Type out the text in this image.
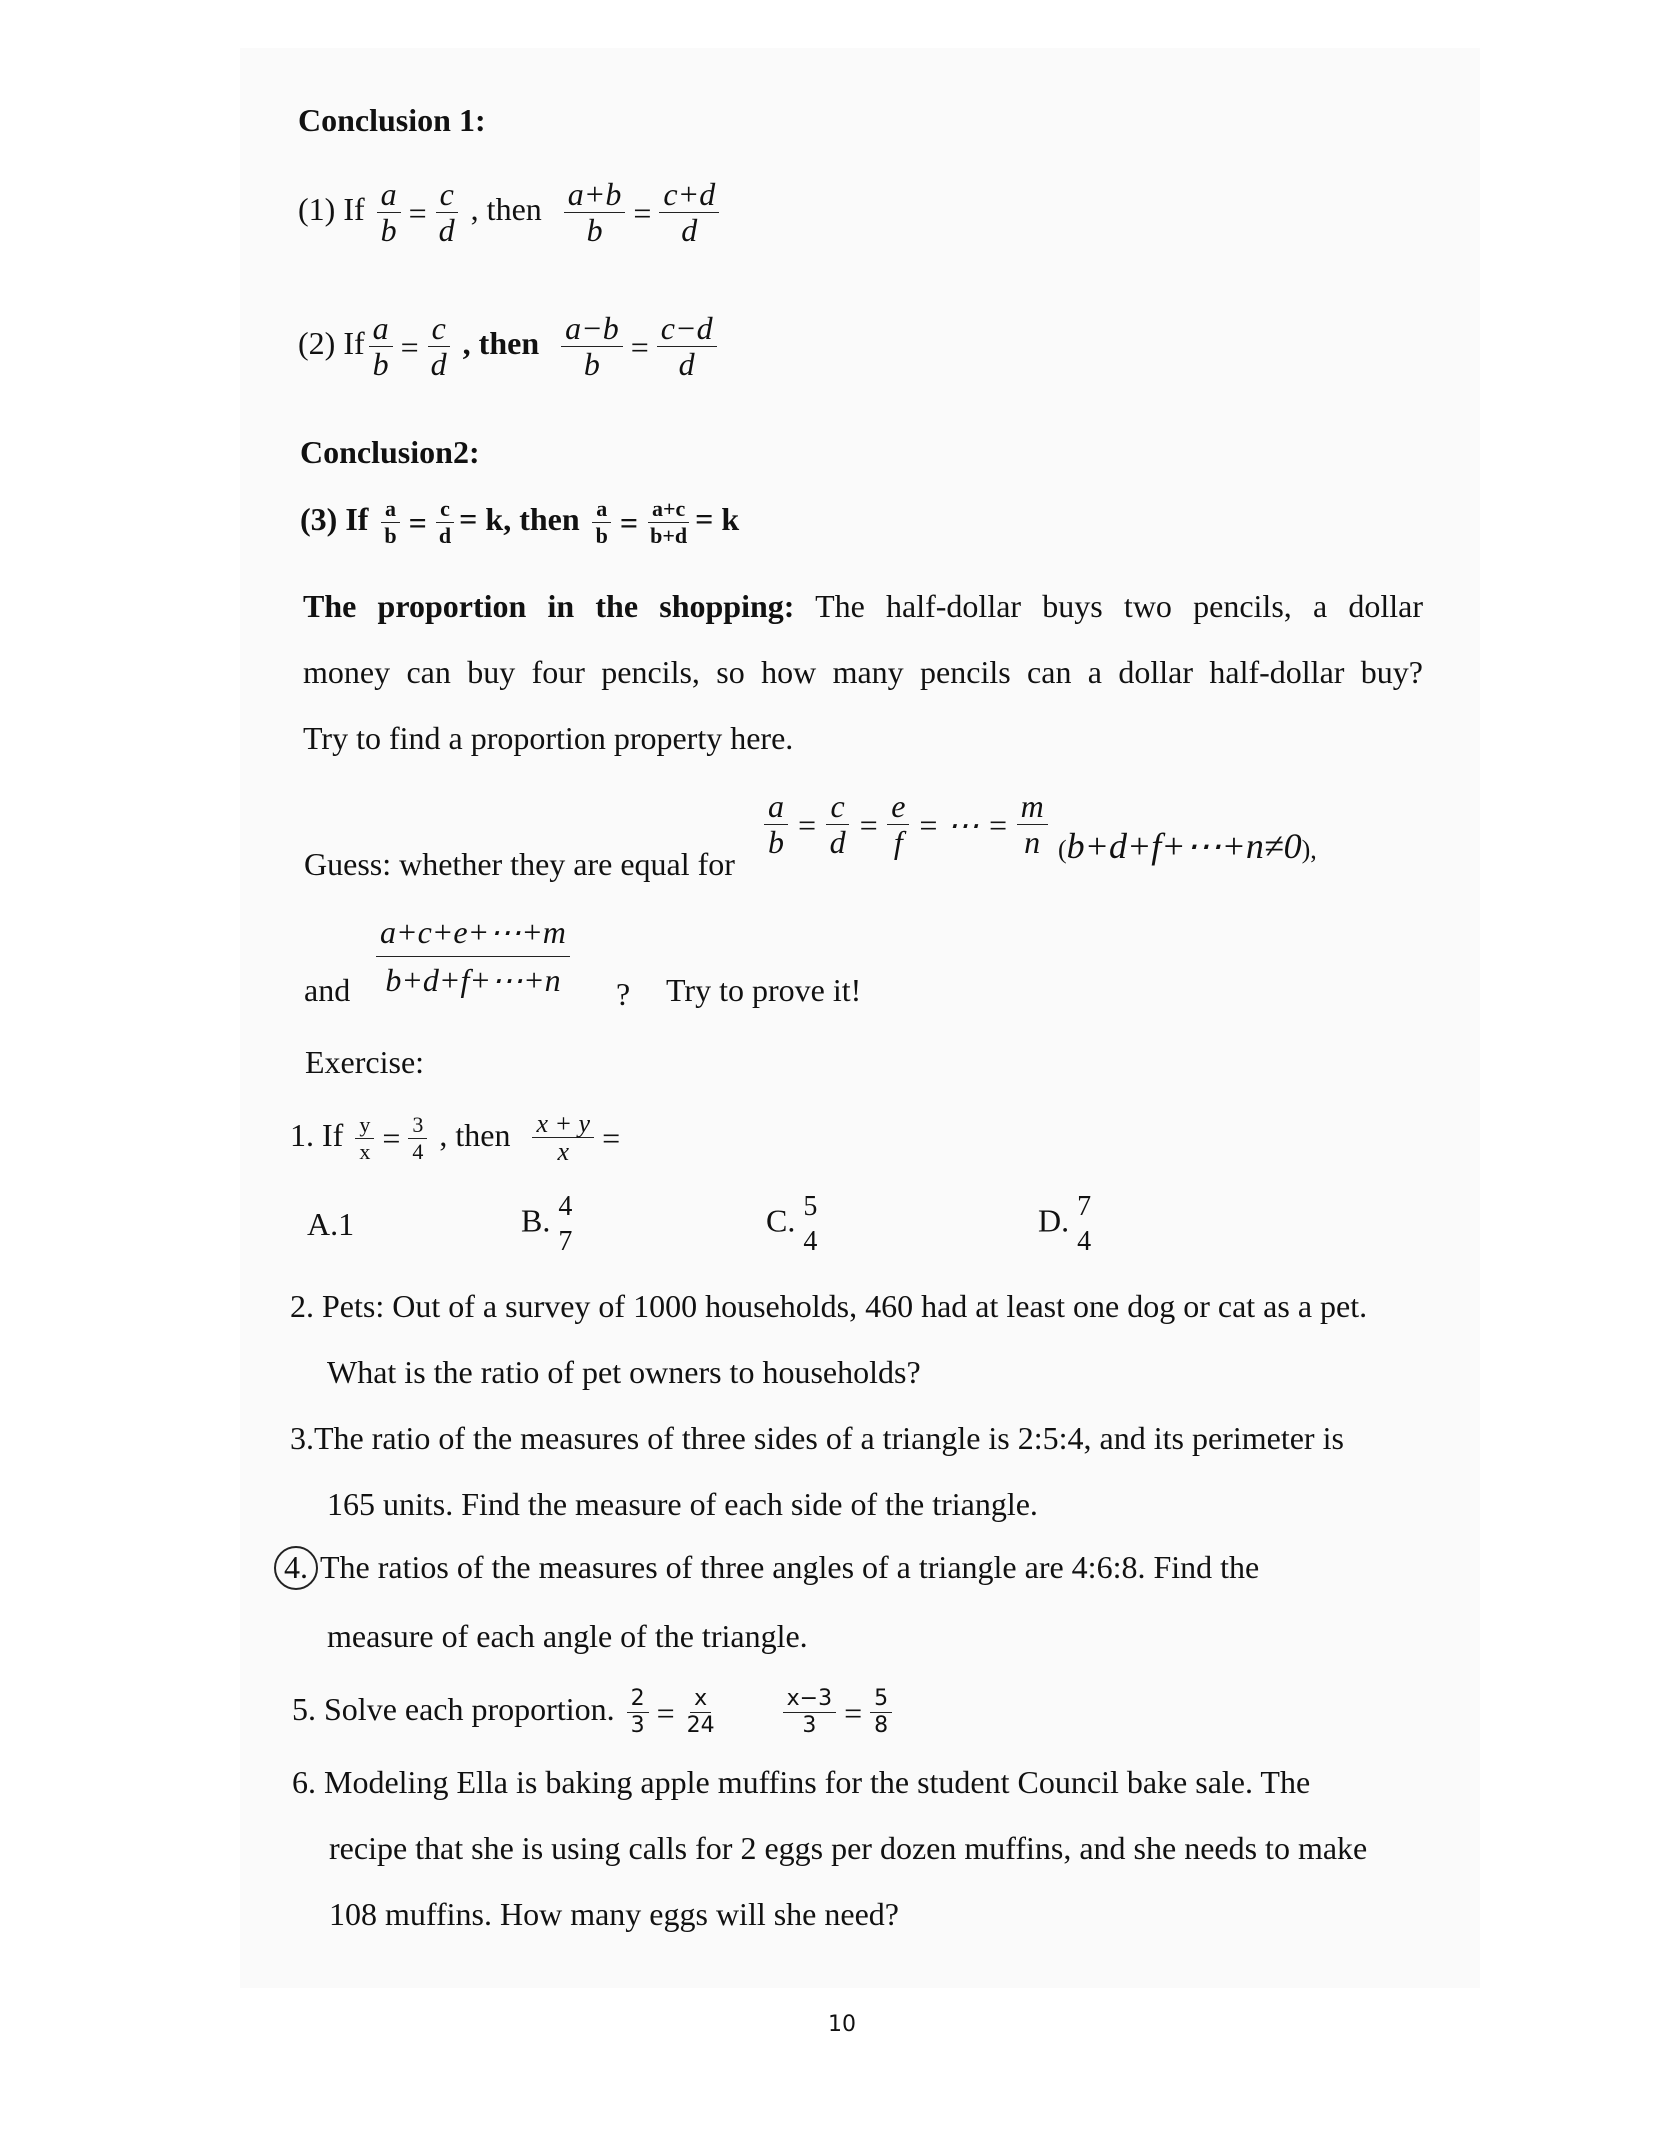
Conclusion 1:
(1) If $\frac{a}{b} = \frac{c}{d}$ , then $\frac{a+b}{b} = \frac{c+d}{d}$
(2) If $\frac{a}{b} = \frac{c}{d}$ , then $\frac{a-b}{b} = \frac{c-d}{d}$
Conclusion2:
(3) If $\frac{a}{b} = \frac{c}{d} = k$, then $\frac{a}{b} = \frac{a+c}{b+d} = k$
The proportion in the shopping: The half-dollar buys two pencils, a dollar
money can buy four pencils, so how many pencils can a dollar half-dollar buy?
Try to find a proportion property here.
Guess: whether they are equal for
$\frac{a}{b} = \frac{c}{d} = \frac{e}{f}$ = ⋯ = $\frac{m}{n}$ (b+d+f+⋯+n≠0),
and $\frac{a+c+e+\cdots+m}{b+d+f+\cdots+n}$ ? Try to prove it!
Exercise:
1. If $\frac{y}{x} = \frac{3}{4}$ , then $\frac{x + y}{x}$ =
A.1	B. 4
7
C. 5
4
D. 7
4
2. Pets: Out of a survey of 1000 households, 460 had at least one dog or cat as a pet.
What is the ratio of pet owners to households?
3.The ratio of the measures of three sides of a triangle is 2:5:4, and its perimeter is
165 units. Find the measure of each side of the triangle.
4. The ratios of the measures of three angles of a triangle are 4:6:8. Find the
measure of each angle of the triangle.
5. Solve each proportion. $\frac{2}{3} = \frac{x}{24}$
	$\frac{x-3}{3} = \frac{5}{8}$
6. Modeling Ella is baking apple muffins for the student Council bake sale. The
recipe that she is using calls for 2 eggs per dozen muffins, and she needs to make
108 muffins. How many eggs will she need?
10
